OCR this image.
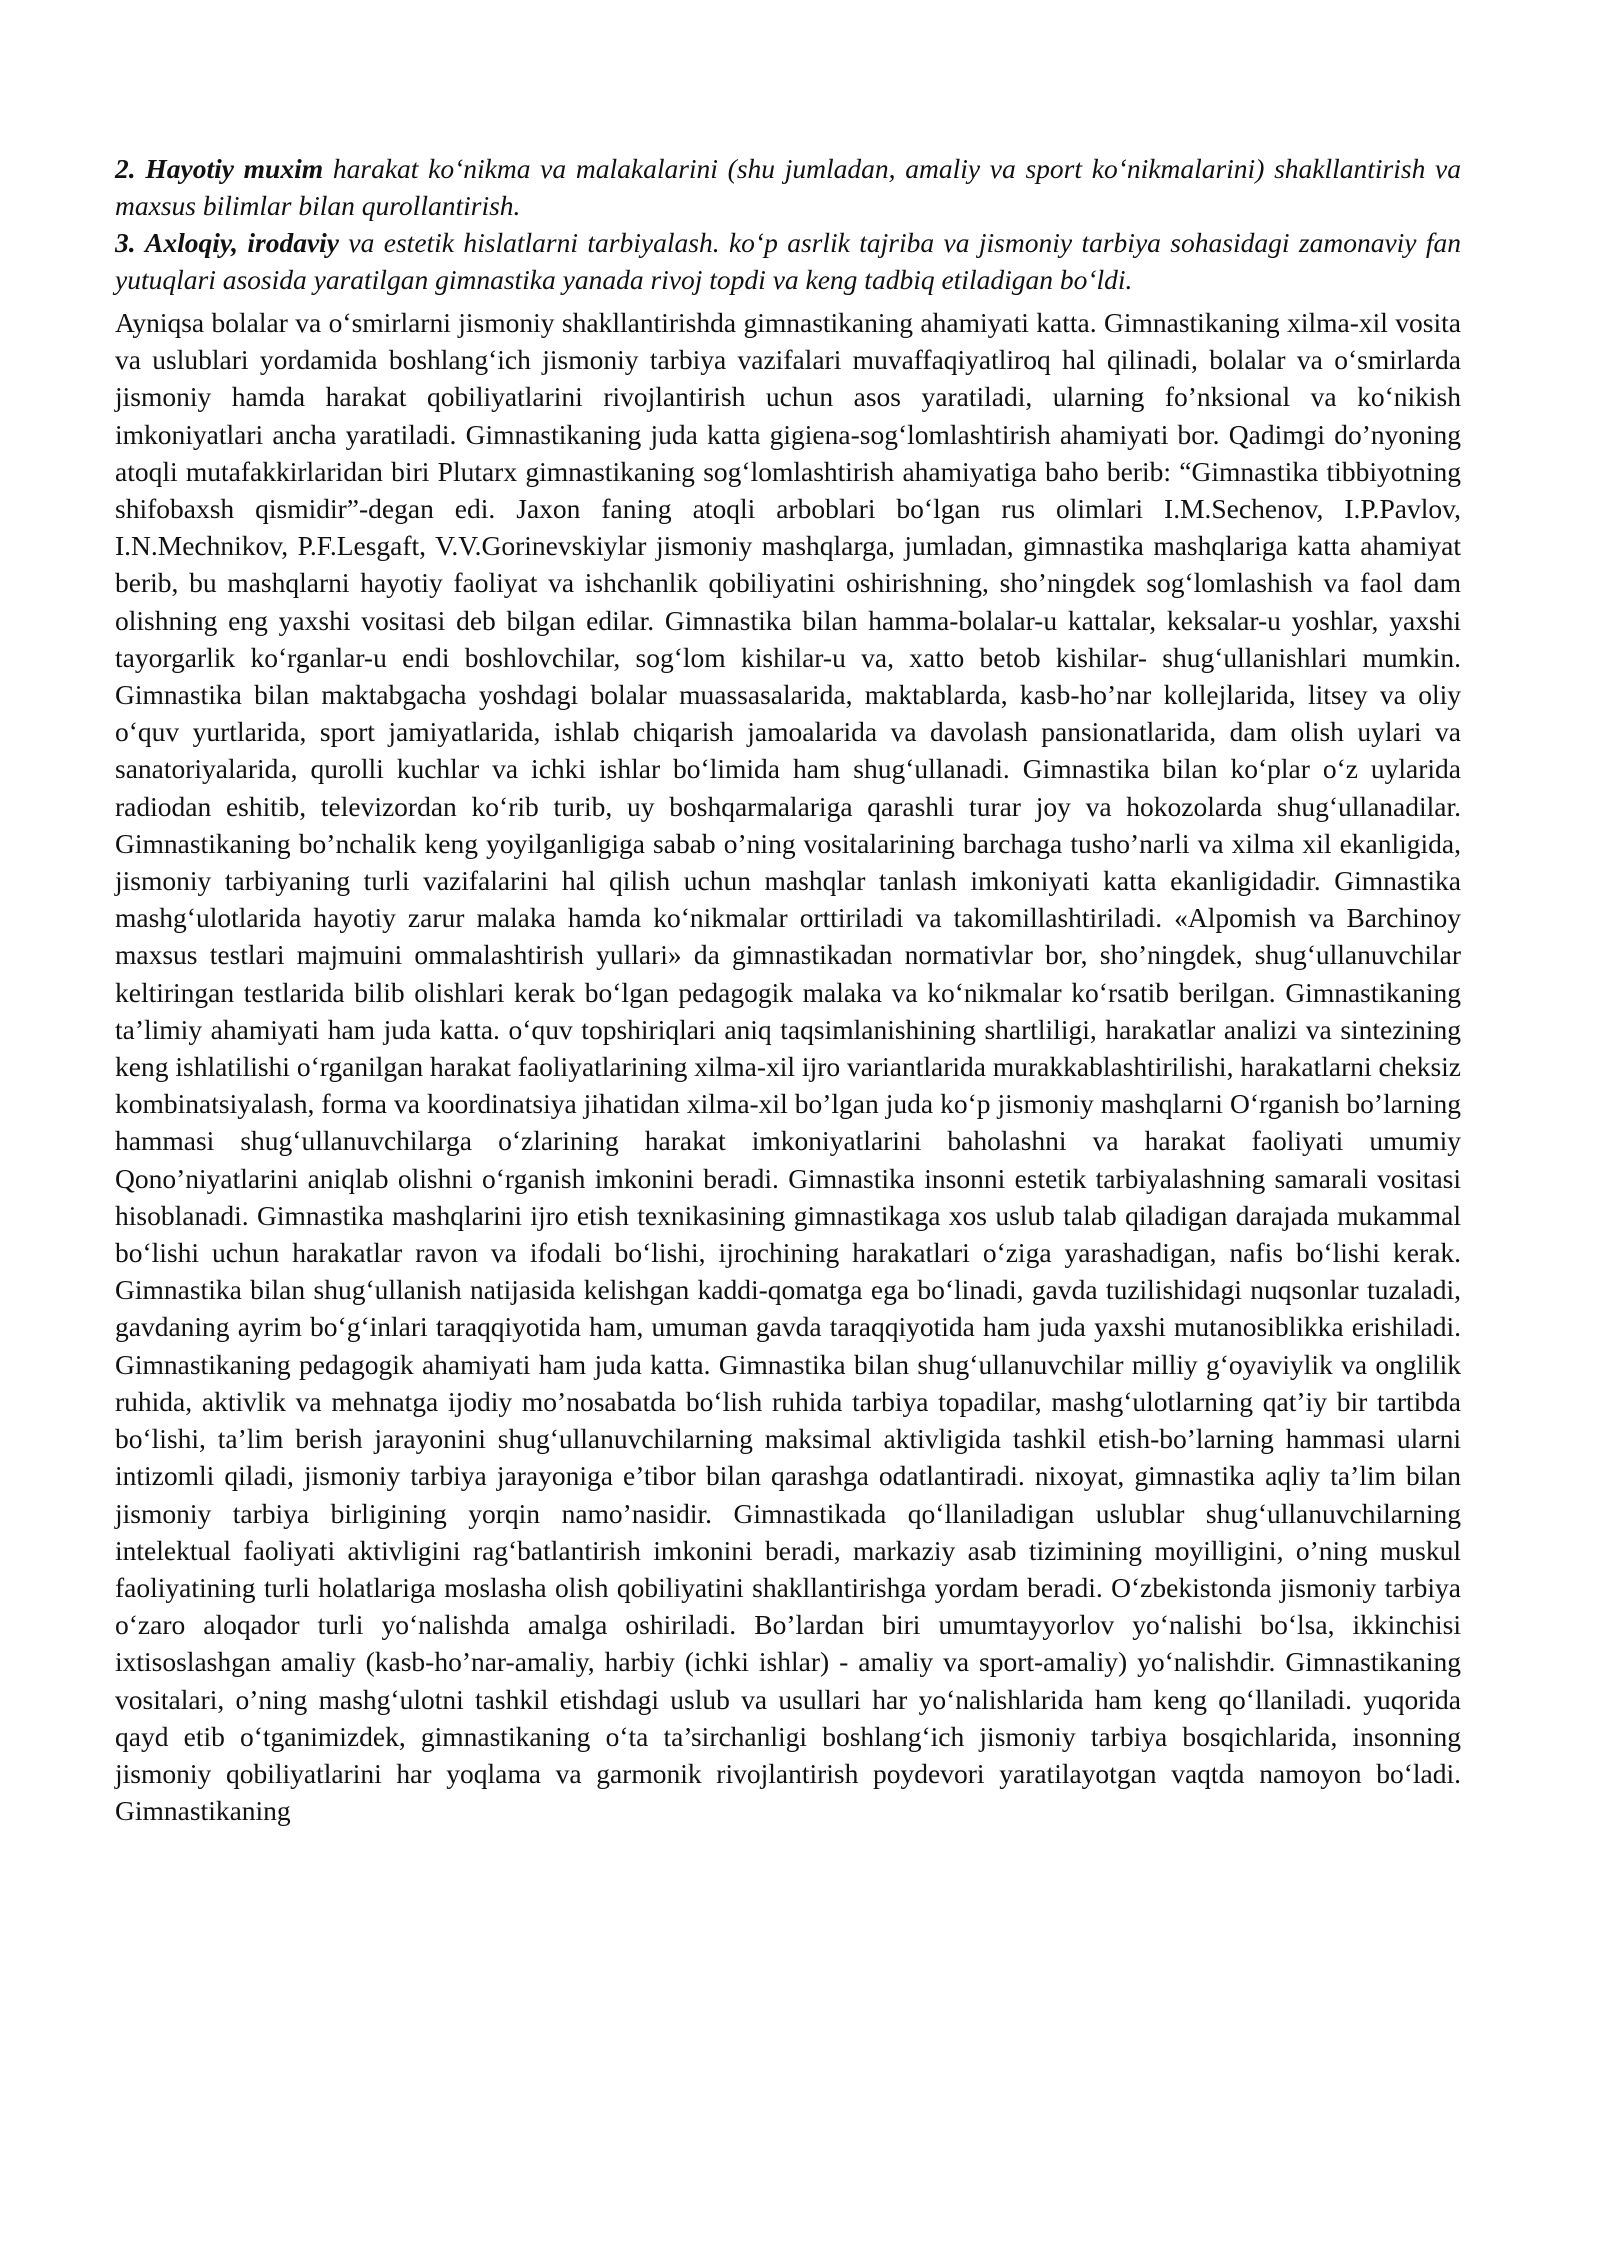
2. Hayotiy muxim harakat ko‘nikma va malakalarini (shu jumladan, amaliy va sport ko‘nikmalarini) shakllantirish va maxsus bilimlar bilan qurollantirish.

3. Axloqiy, irodaviy va estetik hislatlarni tarbiyalash. ko‘p asrlik tajriba va jismoniy tarbiya sohasidagi zamonaviy fan yutuqlari asosida yaratilgan gimnastika yanada rivoj topdi va keng tadbiq etiladigan bo‘ldi.

Ayniqsa bolalar va o‘smirlarni jismoniy shakllantirishda gimnastikaning ahamiyati katta. Gimnastikaning xilma-xil vosita va uslublari yordamida boshlang‘ich jismoniy tarbiya vazifalari muvaffaqiyatliroq hal qilinadi, bolalar va o‘smirlarda jismoniy hamda harakat qobiliyatlarini rivojlantirish uchun asos yaratiladi, ularning fo’nksional va ko‘nikish imkoniyatlari ancha yaratiladi. Gimnastikaning juda katta gigiena-sog‘lomlashtirish ahamiyati bor. Qadimgi do’nyoning atoqli mutafakkirlaridan biri Plutarx gimnastikaning sog‘lomlashtirish ahamiyatiga baho berib: “Gimnastika tibbiyotning shifobaxsh qismidir”-degan edi. Jaxon faning atoqli arboblari bo‘lgan rus olimlari I.M.Sechenov, I.P.Pavlov, I.N.Mechnikov, P.F.Lesgaft, V.V.Gorinevskiylar jismoniy mashqlarga, jumladan, gimnastika mashqlariga katta ahamiyat berib, bu mashqlarni hayotiy faoliyat va ishchanlik qobiliyatini oshirishning, sho’ningdek sog‘lomlashish va faol dam olishning eng yaxshi vositasi deb bilgan edilar. Gimnastika bilan hamma-bolalar-u kattalar, keksalar-u yoshlar, yaxshi tayorgarlik ko‘rganlar-u endi boshlovchilar, sog‘lom kishilar-u va, xatto betob kishilar- shug‘ullanishlari mumkin. Gimnastika bilan maktabgacha yoshdagi bolalar muassasalarida, maktablarda, kasb-ho’nar kollejlarida, litsey va oliy o‘quv yurtlarida, sport jamiyatlarida, ishlab chiqarish jamoalarida va davolash pansionatlarida, dam olish uylari va sanatoriyalarida, qurolli kuchlar va ichki ishlar bo‘limida ham shug‘ullanadi. Gimnastika bilan ko‘plar o‘z uylarida radiodan eshitib, televizordan ko‘rib turib, uy boshqarmalariga qarashli turar joy va hokozolarda shug‘ullanadilar. Gimnastikaning bo’nchalik keng yoyilganligiga sabab o’ning vositalarining barchaga tusho’narli va xilma xil ekanligida, jismoniy tarbiyaning turli vazifalarini hal qilish uchun mashqlar tanlash imkoniyati katta ekanligidadir. Gimnastika mashg‘ulotlarida hayotiy zarur malaka hamda ko‘nikmalar orttiriladi va takomillashtiriladi. «Alpomish va Barchinoy maxsus testlari majmuini ommalashtirish yullari» da gimnastikadan normativlar bor, sho’ningdek, shug‘ullanuvchilar keltiringan testlarida bilib olishlari kerak bo‘lgan pedagogik malaka va ko‘nikmalar ko‘rsatib berilgan. Gimnastikaning ta’limiy ahamiyati ham juda katta. o‘quv topshiriqlari aniq taqsimlanishining shartliligi, harakatlar analizi va sintezining keng ishlatilishi o‘rganilgan harakat faoliyatlarining xilma-xil ijro variantlarida murakkablashtirilishi, harakatlarni cheksiz kombinatsiyalash, forma va koordinatsiya jihatidan xilma-xil bo’lgan juda ko‘p jismoniy mashqlarni O‘rganish bo’larning hammasi shug‘ullanuvchilarga o‘zlarining harakat imkoniyatlarini baholashni va harakat faoliyati umumiy Qono’niyatlarini aniqlab olishni o‘rganish imkonini beradi. Gimnastika insonni estetik tarbiyalashning samarali vositasi hisoblanadi. Gimnastika mashqlarini ijro etish texnikasining gimnastikaga xos uslub talab qiladigan darajada mukammal bo‘lishi uchun harakatlar ravon va ifodali bo‘lishi, ijrochining harakatlari o‘ziga yarashadigan, nafis bo‘lishi kerak. Gimnastika bilan shug‘ullanish natijasida kelishgan kaddi-qomatga ega bo‘linadi, gavda tuzilishidagi nuqsonlar tuzaladi, gavdaning ayrim bo‘g‘inlari taraqqiyotida ham, umuman gavda taraqqiyotida ham juda yaxshi mutanosiblikka erishiladi. Gimnastikaning pedagogik ahamiyati ham juda katta. Gimnastika bilan shug‘ullanuvchilar milliy g‘oyaviylik va onglilik ruhida, aktivlik va mehnatga ijodiy mo’nosabatda bo‘lish ruhida tarbiya topadilar, mashg‘ulotlarning qat’iy bir tartibda bo‘lishi, ta’lim berish jarayonini shug‘ullanuvchilarning maksimal aktivligida tashkil etish-bo’larning hammasi ularni intizomli qiladi, jismoniy tarbiya jarayoniga e’tibor bilan qarashga odatlantiradi. nixoyat, gimnastika aqliy ta’lim bilan jismoniy tarbiya birligining yorqin namo’nasidir. Gimnastikada qo‘llaniladigan uslublar shug‘ullanuvchilarning intelektual faoliyati aktivligini rag‘batlantirish imkonini beradi, markaziy asab tizimining moyilligini, o’ning muskul faoliyatining turli holatlariga moslasha olish qobiliyatini shakllantirishga yordam beradi. O‘zbekistonda jismoniy tarbiya o‘zaro aloqador turli yo‘nalishda amalga oshiriladi. Bo’lardan biri umumtayyorlov yo‘nalishi bo‘lsa, ikkinchisi ixtisoslashgan amaliy (kasb-ho’nar-amaliy, harbiy (ichki ishlar) - amaliy va sport-amaliy) yo‘nalishdir. Gimnastikaning vositalari, o’ning mashg‘ulotni tashkil etishdagi uslub va usullari har yo‘nalishlarida ham keng qo‘llaniladi. yuqorida qayd etib o‘tganimizdek, gimnastikaning o‘ta ta’sirchanligi boshlang‘ich jismoniy tarbiya bosqichlarida, insonning jismoniy qobiliyatlarini har yoqlama va garmonik rivojlantirish poydevori yaratilayotgan vaqtda namoyon bo‘ladi. Gimnastikaning
